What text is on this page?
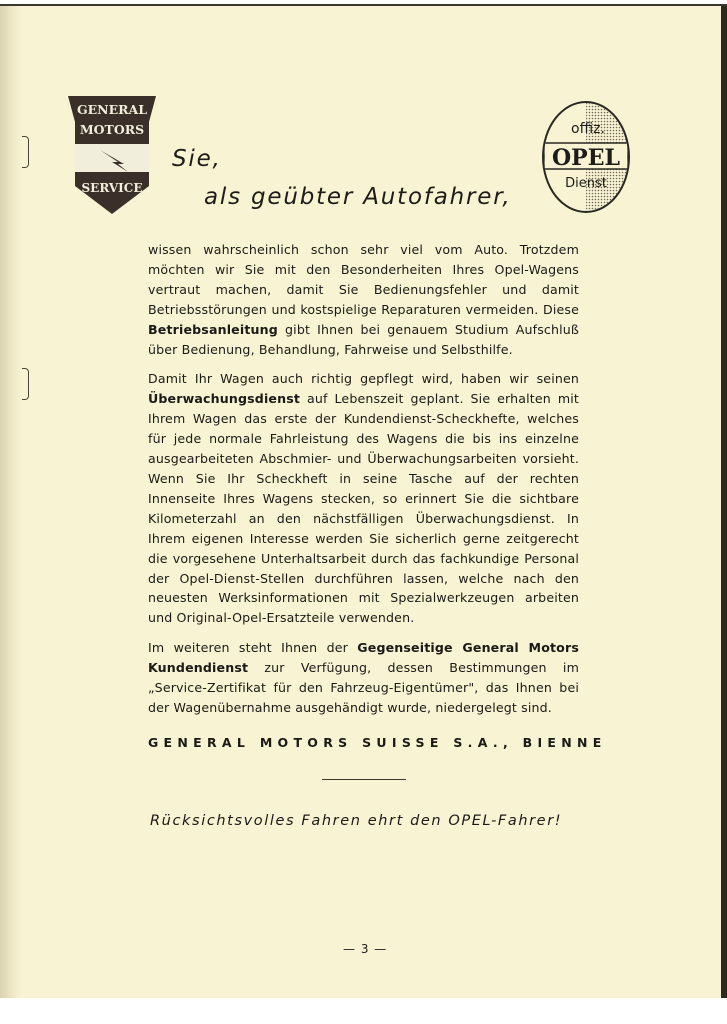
GENERAL
MOTORS
SERVICE
offiz.
OPEL
Dienst
Sie,
als geübter Autofahrer,

wissen wahrscheinlich schon sehr viel vom Auto. Trotzdem möchten wir Sie mit den Besonderheiten Ihres Opel-Wagens vertraut machen, damit Sie Bedienungsfehler und damit Betriebsstörungen und kostspielige Reparaturen vermeiden. Diese Betriebsanleitung gibt Ihnen bei genauem Studium Aufschluß über Bedienung, Behandlung, Fahrweise und Selbsthilfe.

Damit Ihr Wagen auch richtig gepflegt wird, haben wir seinen Überwachungsdienst auf Lebenszeit geplant. Sie erhalten mit Ihrem Wagen das erste der Kundendienst-Scheckhefte, welches für jede normale Fahrleistung des Wagens die bis ins einzelne ausgearbeiteten Abschmier- und Überwachungsarbeiten vorsieht. Wenn Sie Ihr Scheckheft in seine Tasche auf der rechten Innenseite Ihres Wagens stecken, so erinnert Sie die sichtbare Kilometerzahl an den nächstfälligen Überwachungsdienst. In Ihrem eigenen Interesse werden Sie sicherlich gerne zeitgerecht die vorgesehene Unterhaltsarbeit durch das fachkundige Personal der Opel-Dienst-Stellen durchführen lassen, welche nach den neuesten Werksinformationen mit Spezialwerkzeugen arbeiten und Original-Opel-Ersatzteile verwenden.

Im weiteren steht Ihnen der Gegenseitige General Motors Kundendienst zur Verfügung, dessen Bestimmungen im „Service-Zertifikat für den Fahrzeug-Eigentümer", das Ihnen bei der Wagenübernahme ausgehändigt wurde, niedergelegt sind.

GENERAL MOTORS SUISSE S.A., BIENNE
Rücksichtsvolles Fahren ehrt den OPEL-Fahrer!
— 3 —
